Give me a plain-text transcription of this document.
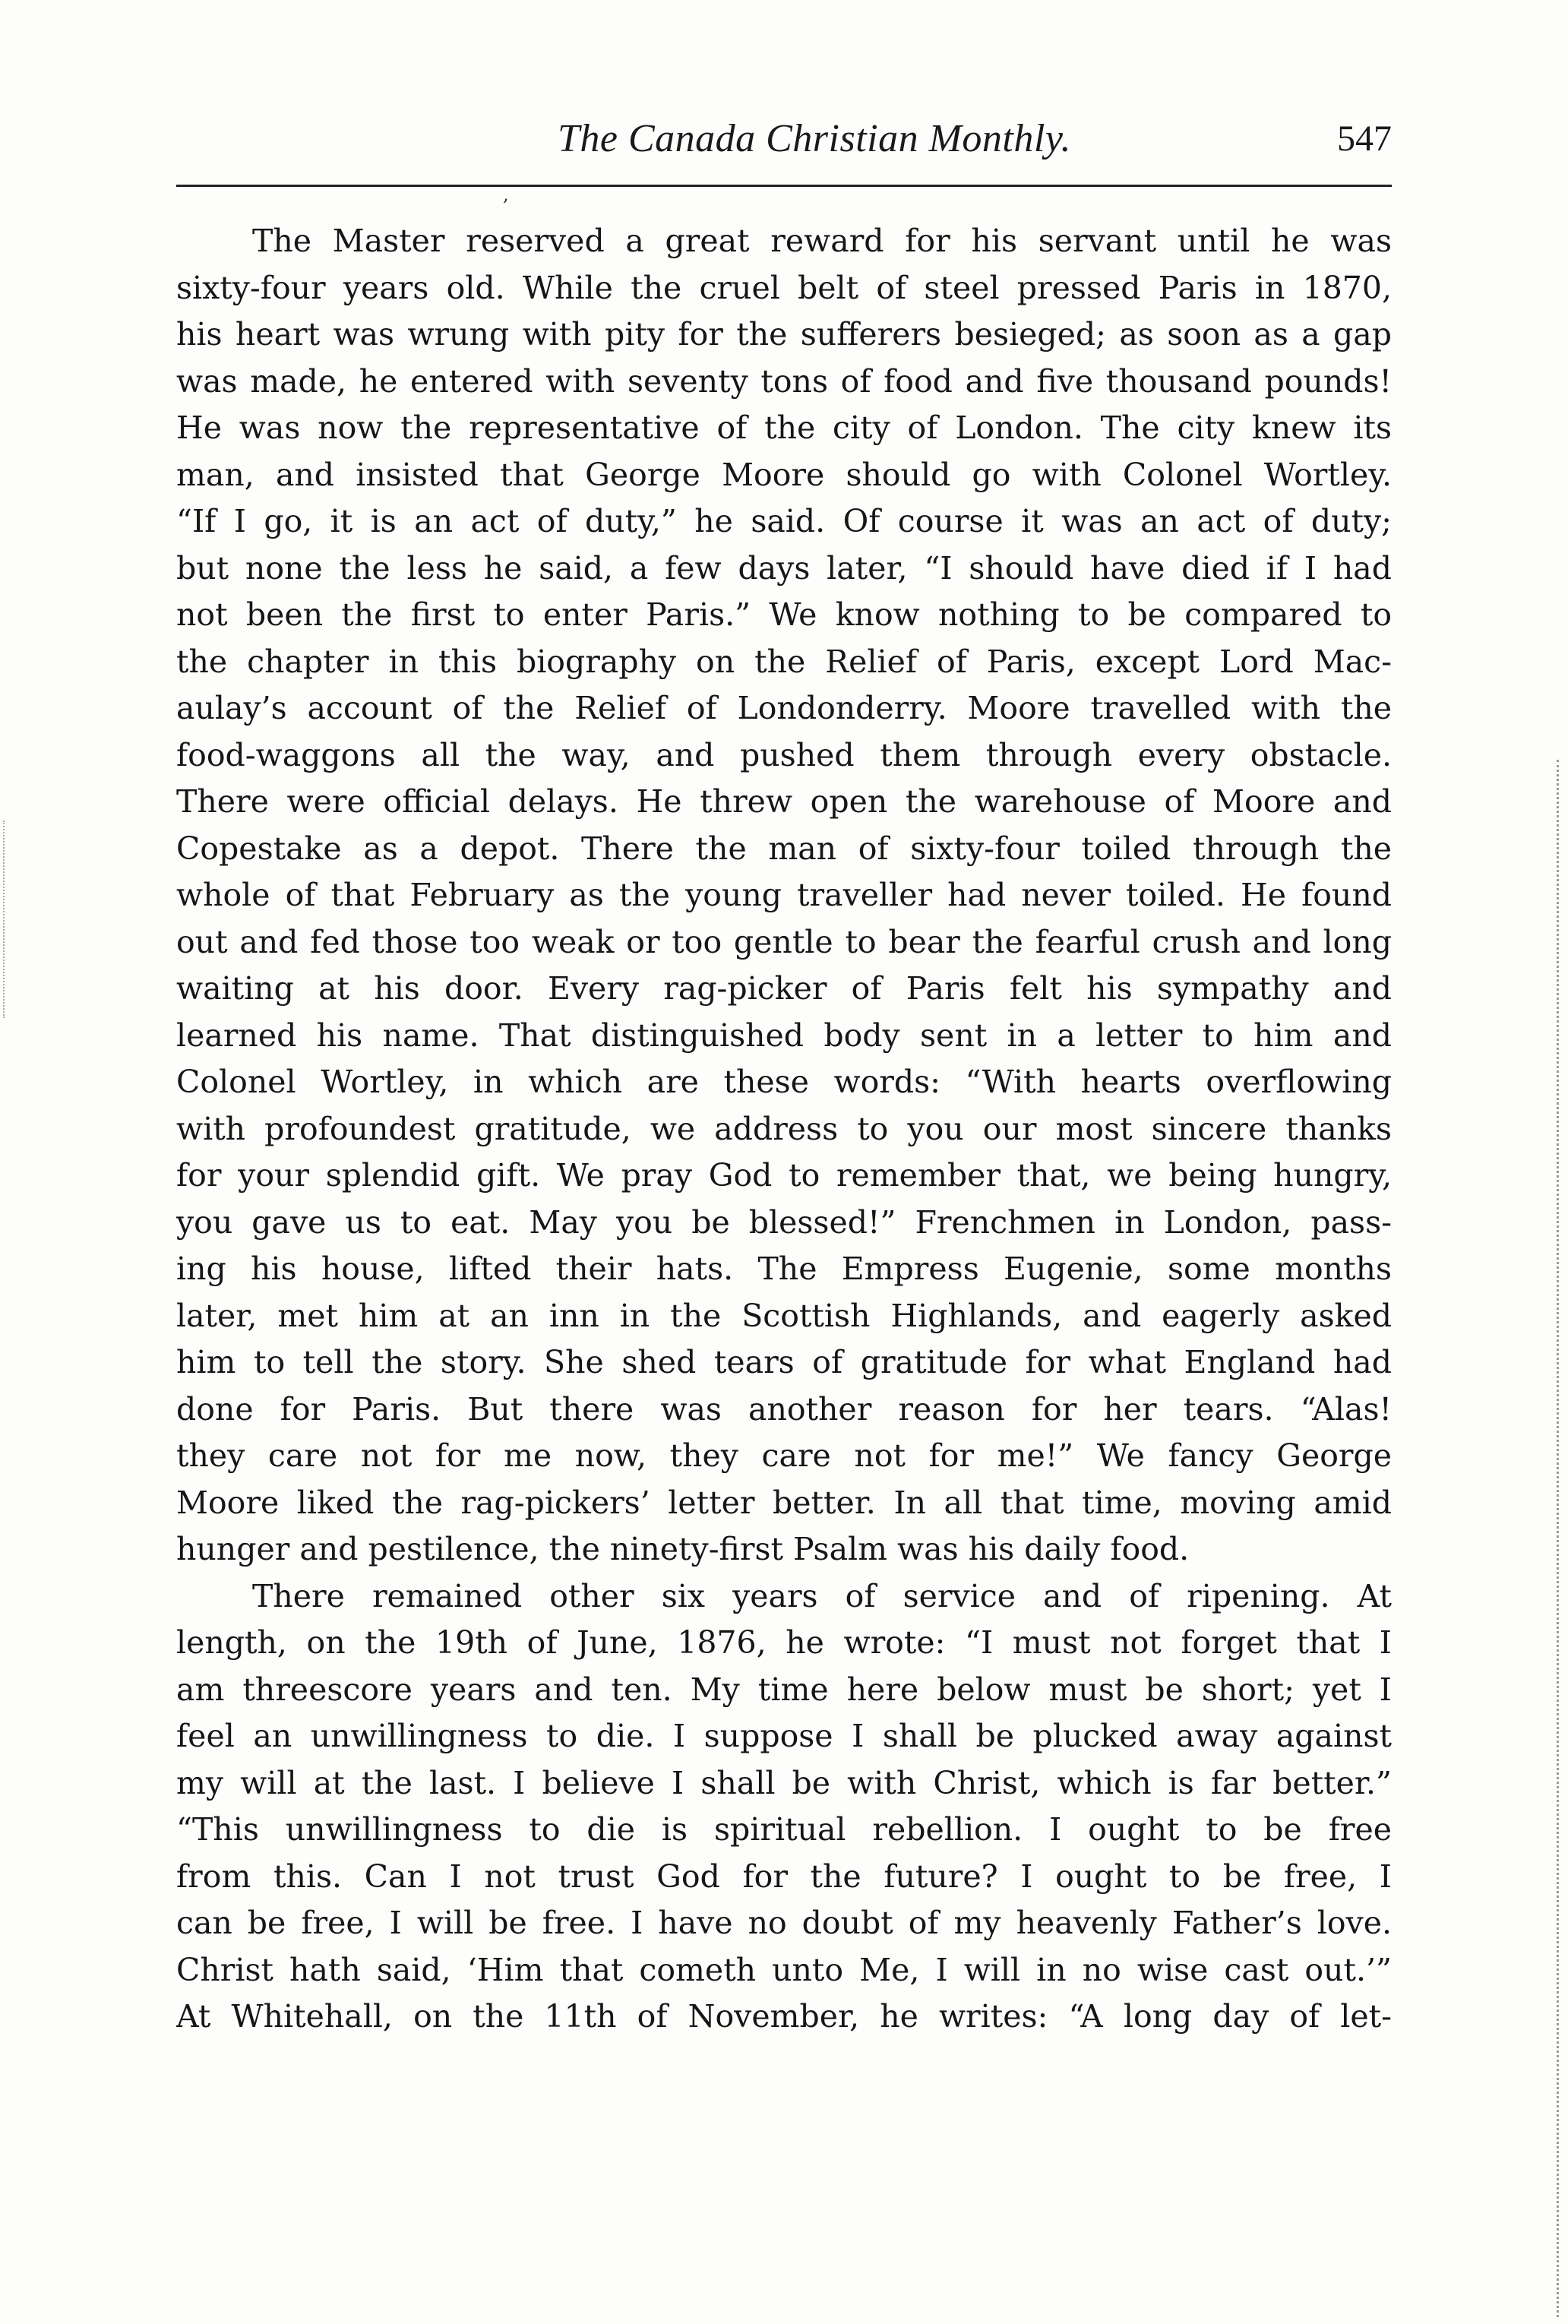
The Canada Christian Monthly.	547
,
The Master reserved a great reward for his servant until he was
sixty-four years old. While the cruel belt of steel pressed Paris in 1870,
his heart was wrung with pity for the sufferers besieged; as soon as a gap
was made, he entered with seventy tons of food and five thousand pounds!
He was now the representative of the city of London. The city knew its
man, and insisted that George Moore should go with Colonel Wortley.
“If I go, it is an act of duty,” he said. Of course it was an act of duty;
but none the less he said, a few days later, “I should have died if I had
not been the first to enter Paris.” We know nothing to be compared to
the chapter in this biography on the Relief of Paris, except Lord Mac-
aulay’s account of the Relief of Londonderry. Moore travelled with the
food-waggons all the way, and pushed them through every obstacle.
There were official delays. He threw open the warehouse of Moore and
Copestake as a depot. There the man of sixty-four toiled through the
whole of that February as the young traveller had never toiled. He found
out and fed those too weak or too gentle to bear the fearful crush and long
waiting at his door. Every rag-picker of Paris felt his sympathy and
learned his name. That distinguished body sent in a letter to him and
Colonel Wortley, in which are these words: “With hearts overflowing
with profoundest gratitude, we address to you our most sincere thanks
for your splendid gift. We pray God to remember that, we being hungry,
you gave us to eat. May you be blessed!” Frenchmen in London, pass-
ing his house, lifted their hats. The Empress Eugenie, some months
later, met him at an inn in the Scottish Highlands, and eagerly asked
him to tell the story. She shed tears of gratitude for what England had
done for Paris. But there was another reason for her tears. “Alas!
they care not for me now, they care not for me!” We fancy George
Moore liked the rag-pickers’ letter better. In all that time, moving amid
hunger and pestilence, the ninety-first Psalm was his daily food.
There remained other six years of service and of ripening. At
length, on the 19th of June, 1876, he wrote: “I must not forget that I
am threescore years and ten. My time here below must be short; yet I
feel an unwillingness to die. I suppose I shall be plucked away against
my will at the last. I believe I shall be with Christ, which is far better.”
“This unwillingness to die is spiritual rebellion. I ought to be free
from this. Can I not trust God for the future? I ought to be free, I
can be free, I will be free. I have no doubt of my heavenly Father’s love.
Christ hath said, ‘Him that cometh unto Me, I will in no wise cast out.’”
At Whitehall, on the 11th of November, he writes: “A long day of let-
